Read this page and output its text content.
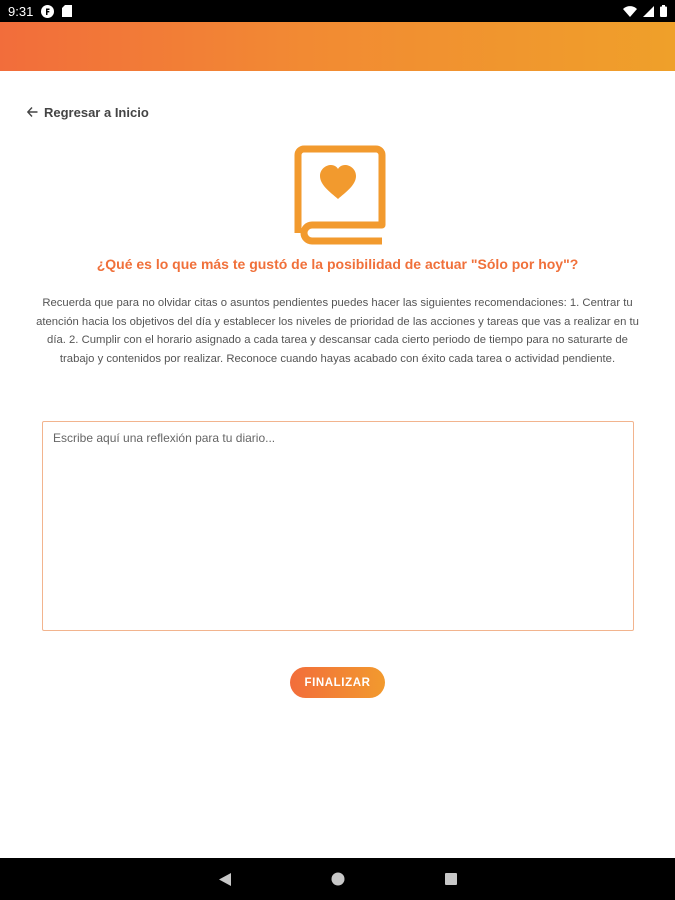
9:31
Regresar a Inicio
¿Qué es lo que más te gustó de la posibilidad de actuar "Sólo por hoy"?
Recuerda que para no olvidar citas o asuntos pendientes puedes hacer las siguientes recomendaciones: 1. Centrar tu atención hacia los objetivos del día y establecer los niveles de prioridad de las acciones y tareas que vas a realizar en tu día. 2. Cumplir con el horario asignado a cada tarea y descansar cada cierto periodo de tiempo para no saturarte de trabajo y contenidos por realizar. Reconoce cuando hayas acabado con éxito cada tarea o actividad pendiente.
Escribe aquí una reflexión para tu diario...
FINALIZAR
